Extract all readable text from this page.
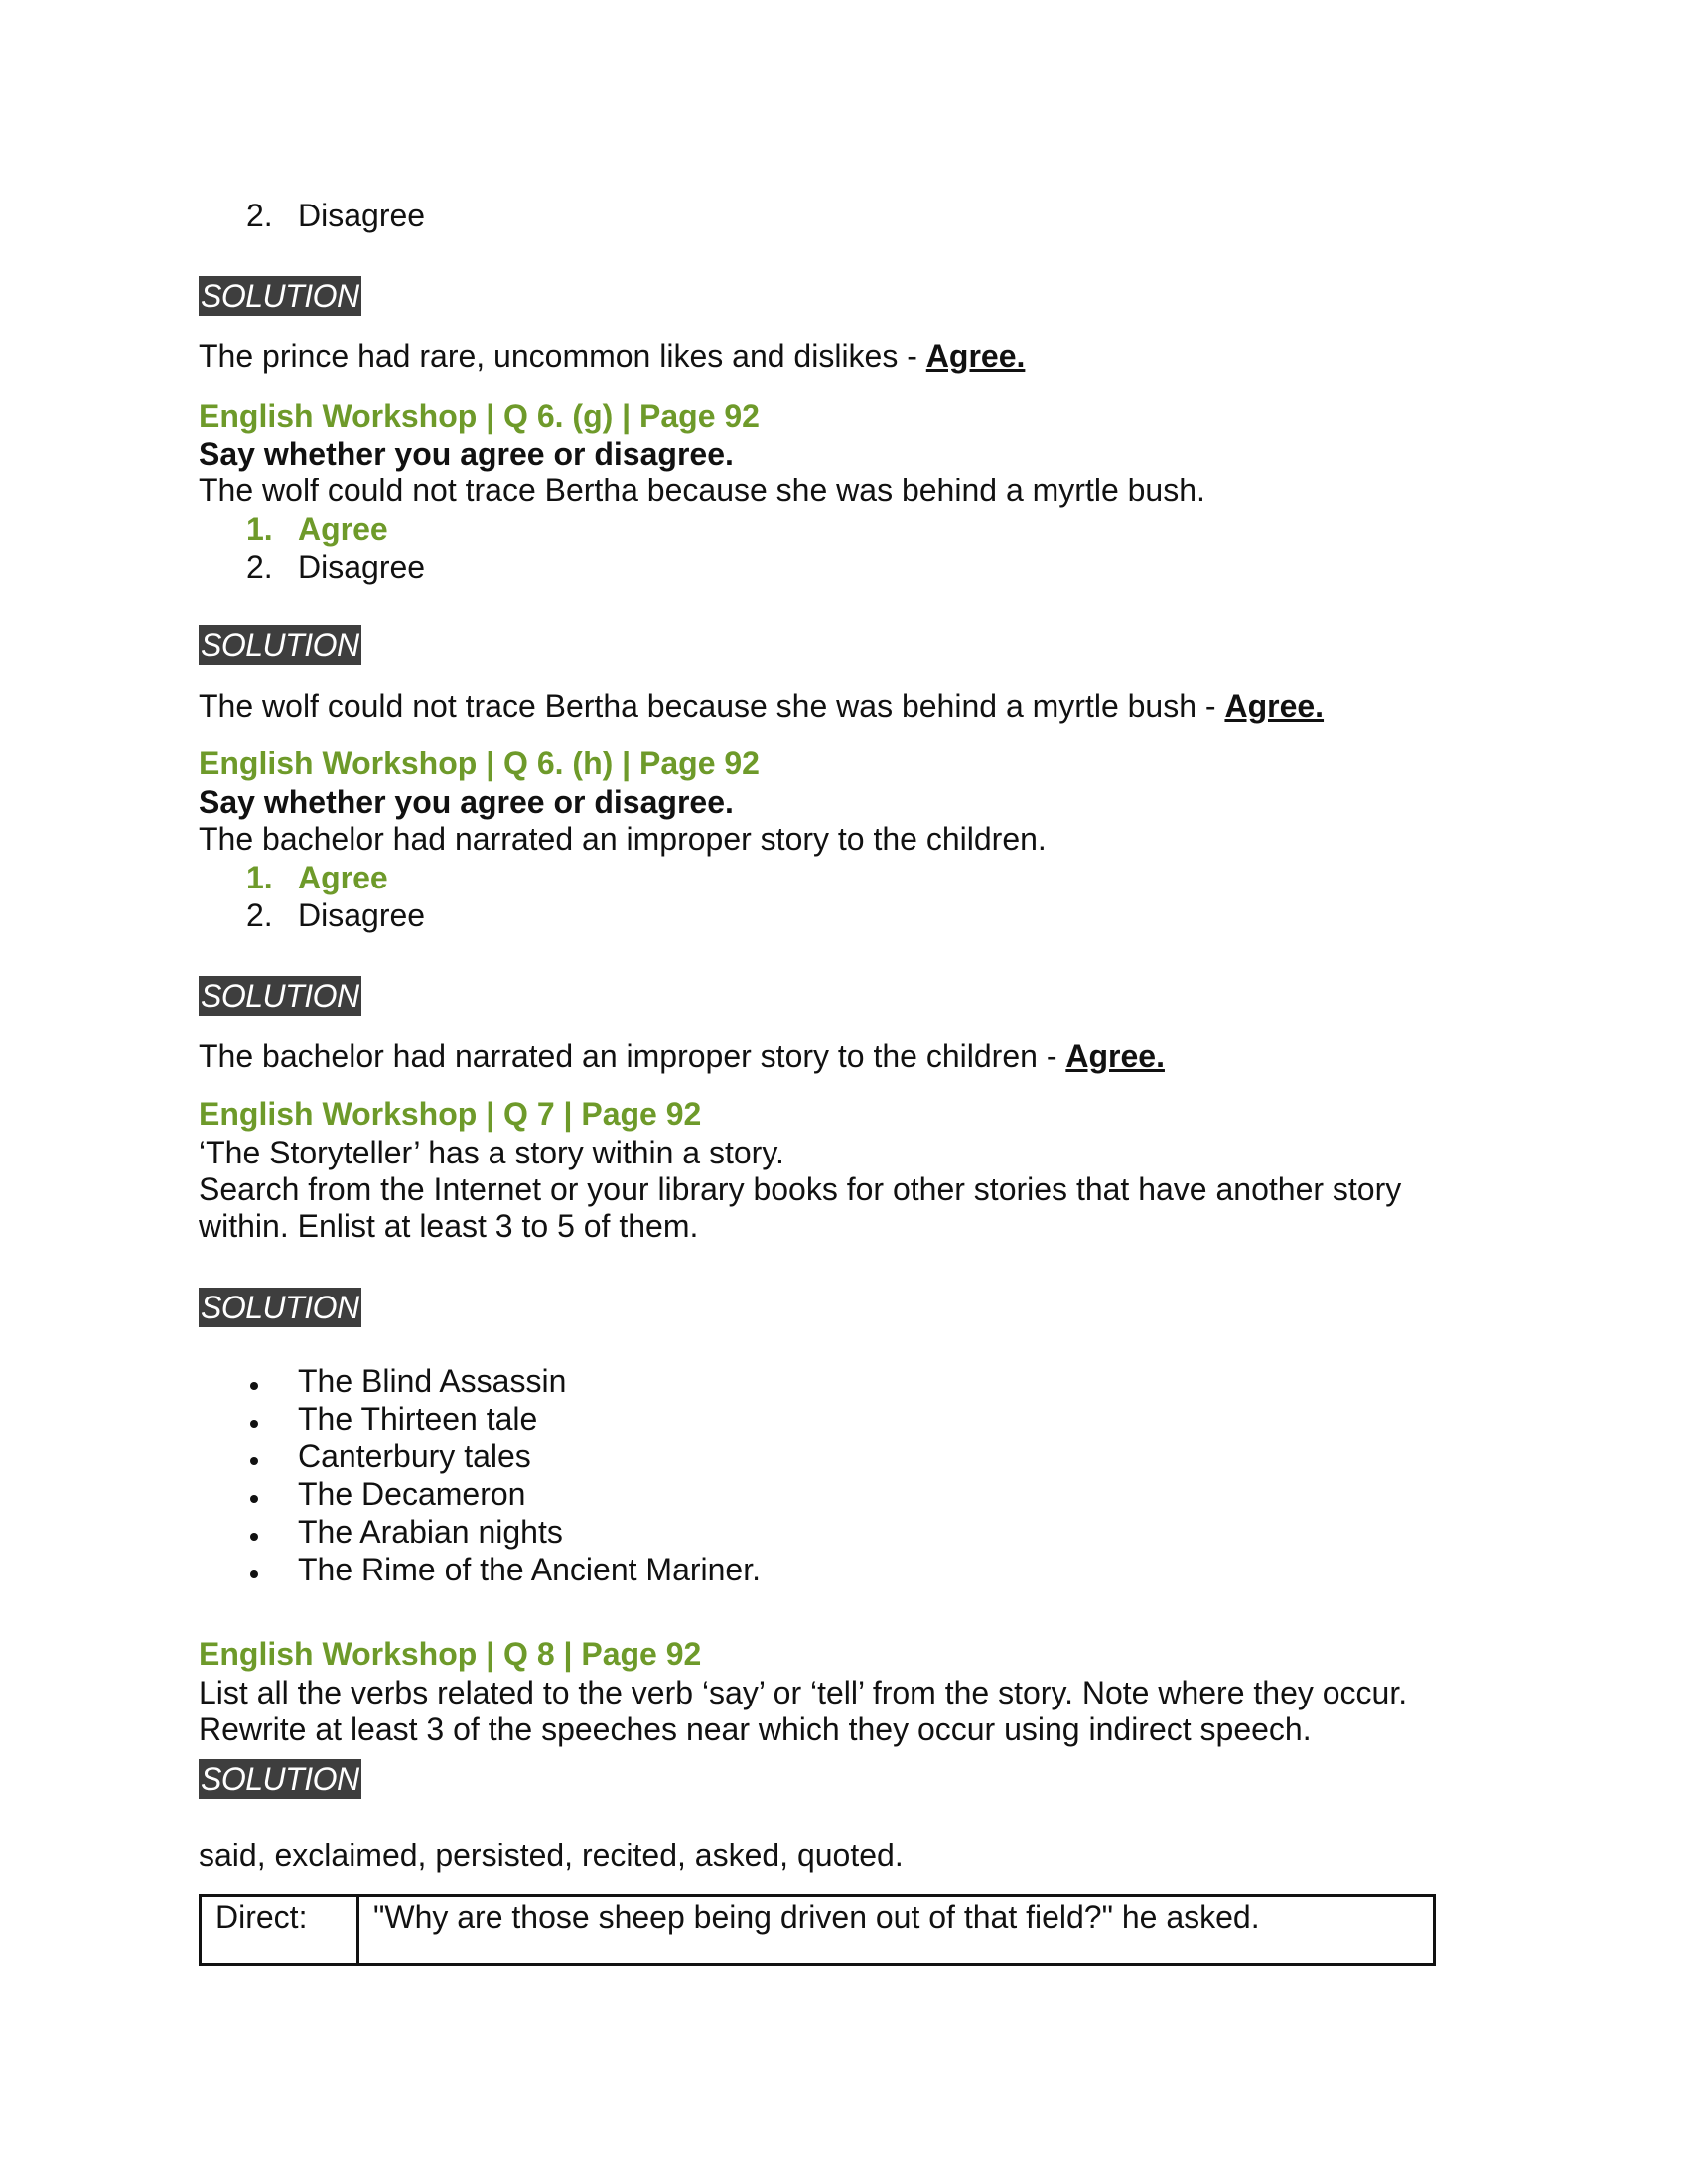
2. Disagree
SOLUTION
The prince had rare, uncommon likes and dislikes - Agree.
English Workshop | Q 6. (g) | Page 92
Say whether you agree or disagree.
The wolf could not trace Bertha because she was behind a myrtle bush.
1. Agree
2. Disagree
SOLUTION
The wolf could not trace Bertha because she was behind a myrtle bush - Agree.
English Workshop | Q 6. (h) | Page 92
Say whether you agree or disagree.
The bachelor had narrated an improper story to the children.
1. Agree
2. Disagree
SOLUTION
The bachelor had narrated an improper story to the children - Agree.
English Workshop | Q 7 | Page 92
‘The Storyteller’ has a story within a story.
Search from the Internet or your library books for other stories that have another story
within. Enlist at least 3 to 5 of them.
SOLUTION
The Blind Assassin
The Thirteen tale
Canterbury tales
The Decameron
The Arabian nights
The Rime of the Ancient Mariner.
English Workshop | Q 8 | Page 92
List all the verbs related to the verb ‘say’ or ‘tell’ from the story. Note where they occur.
Rewrite at least 3 of the speeches near which they occur using indirect speech.
SOLUTION
said, exclaimed, persisted, recited, asked, quoted.
Direct:	"Why are those sheep being driven out of that field?" he asked.
